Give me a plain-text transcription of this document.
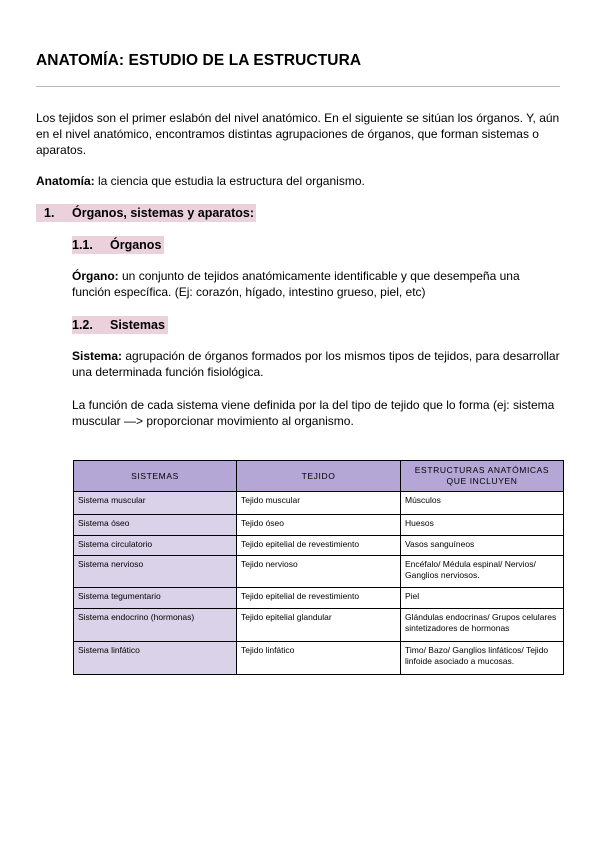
ANATOMÍA: ESTUDIO DE LA ESTRUCTURA

Los tejidos son el primer eslabón del nivel anatómico. En el siguiente se sitúan los órganos. Y, aún en el nivel anatómico, encontramos distintas agrupaciones de órganos, que forman sistemas o aparatos.

Anatomía: la ciencia que estudia la estructura del organismo.

1. Órganos, sistemas y aparatos:
1.1. Órganos

Órgano: un conjunto de tejidos anatómicamente identificable y que desempeña una función específica. (Ej: corazón, hígado, intestino grueso, piel, etc)

1.2. Sistemas

Sistema: agrupación de órganos formados por los mismos tipos de tejidos, para desarrollar una determinada función fisiológica.

La función de cada sistema viene definida por la del tipo de tejido que lo forma (ej: sistema muscular —> proporcionar movimiento al organismo.

SISTEMAS	TEJIDO	ESTRUCTURAS ANATÓMICAS QUE INCLUYEN
Sistema muscular	Tejido muscular	Músculos
Sistema óseo	Tejido óseo	Huesos
Sistema circulatorio	Tejido epitelial de revestimiento	Vasos sanguíneos
Sistema nervioso	Tejido nervioso	Encéfalo/ Médula espinal/ Nervios/ Ganglios nerviosos.
Sistema tegumentario	Tejido epitelial de revestimiento	Piel
Sistema endocrino (hormonas)	Tejido epitelial glandular	Glándulas endocrinas/ Grupos celulares sintetizadores de hormonas
Sistema linfático	Tejido linfático	Timo/ Bazo/ Ganglios linfáticos/ Tejido linfoide asociado a mucosas.
